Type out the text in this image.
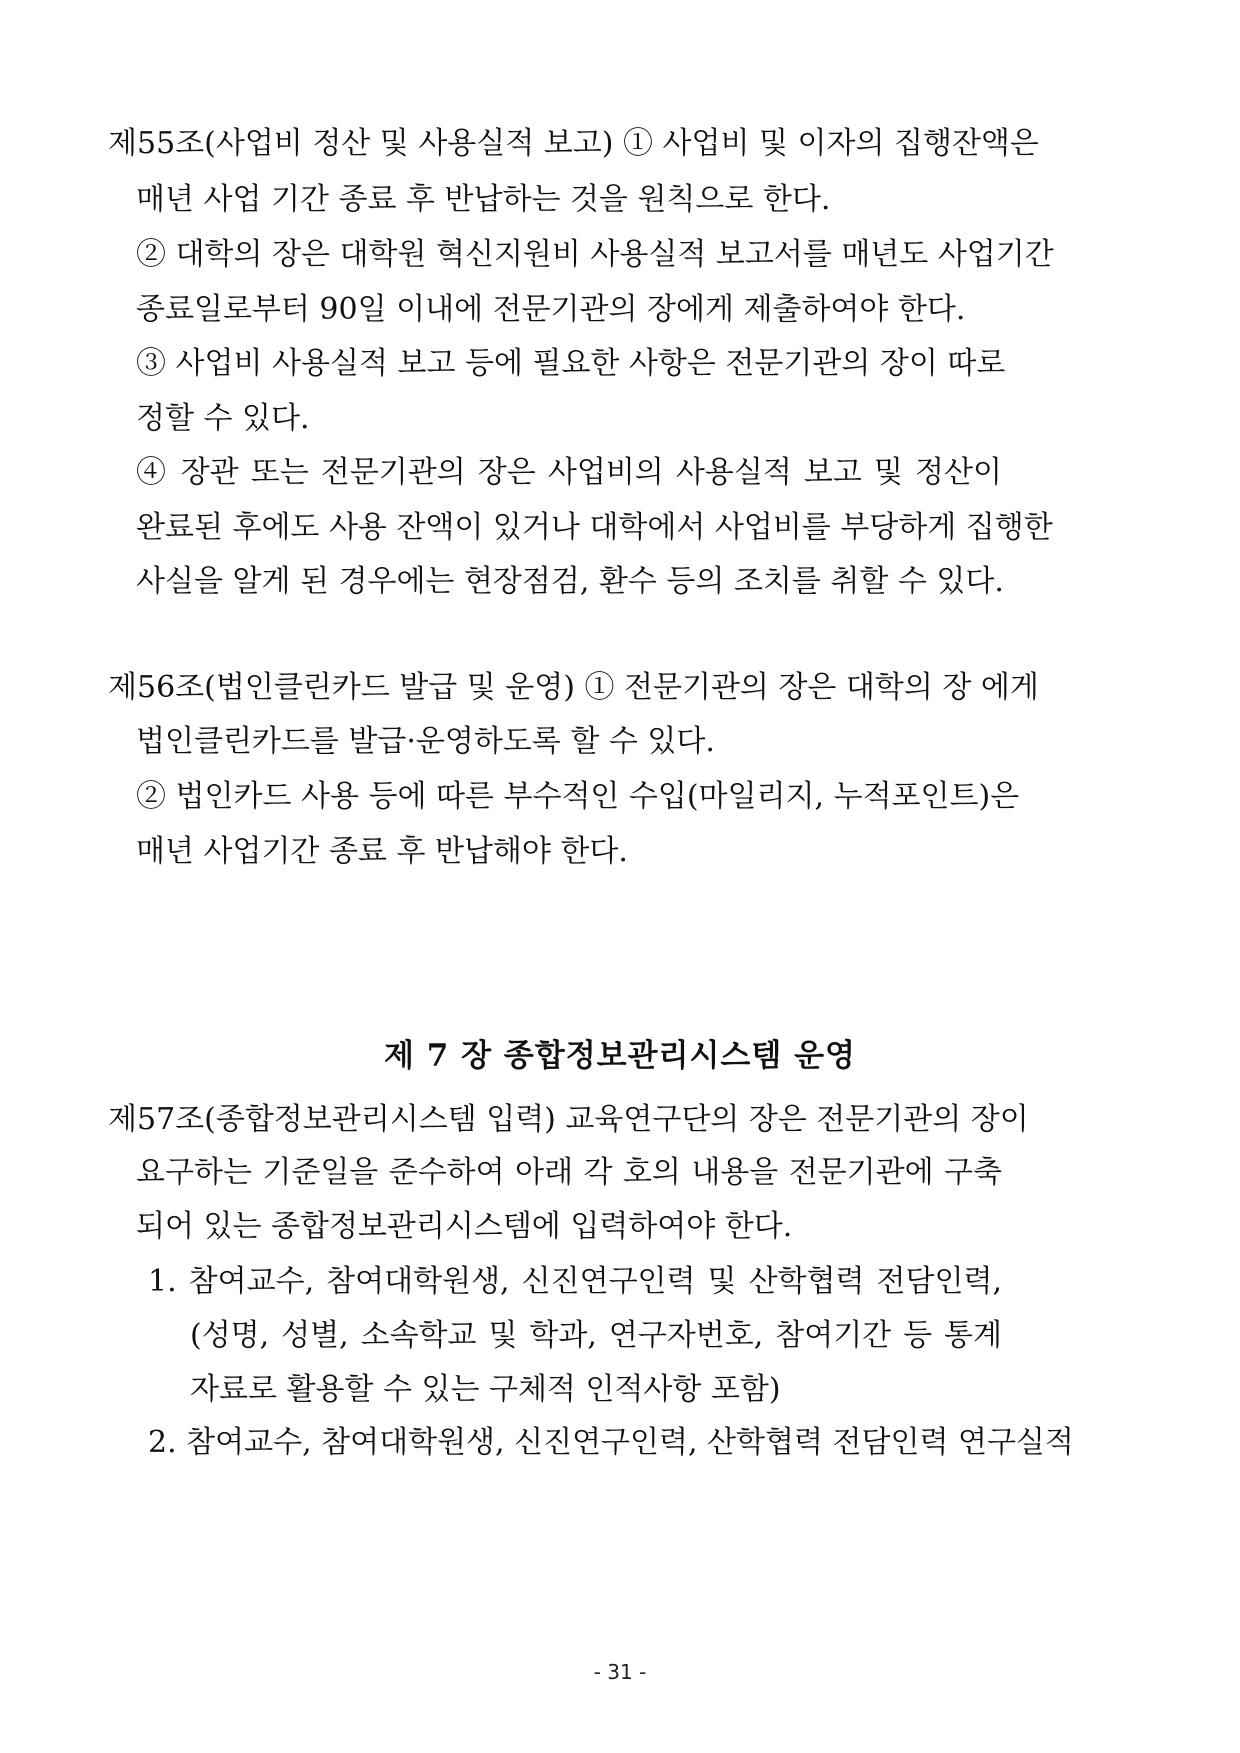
제55조(사업비 정산 및 사용실적 보고) ① 사업비 및 이자의 집행잔액은
매년 사업 기간 종료 후 반납하는 것을 원칙으로 한다.
② 대학의 장은 대학원 혁신지원비 사용실적 보고서를 매년도 사업기간
종료일로부터 90일 이내에 전문기관의 장에게 제출하여야 한다.
③ 사업비 사용실적 보고 등에 필요한 사항은 전문기관의 장이 따로
정할 수 있다.
④ 장관 또는 전문기관의 장은 사업비의 사용실적 보고 및 정산이
완료된 후에도 사용 잔액이 있거나 대학에서 사업비를 부당하게 집행한
사실을 알게 된 경우에는 현장점검, 환수 등의 조치를 취할 수 있다.
제56조(법인클린카드 발급 및 운영) ① 전문기관의 장은 대학의 장 에게
법인클린카드를 발급·운영하도록 할 수 있다.
② 법인카드 사용 등에 따른 부수적인 수입(마일리지, 누적포인트)은
매년 사업기간 종료 후 반납해야 한다.
제 7 장 종합정보관리시스템 운영
제57조(종합정보관리시스템 입력) 교육연구단의 장은 전문기관의 장이
요구하는 기준일을 준수하여 아래 각 호의 내용을 전문기관에 구축
되어 있는 종합정보관리시스템에 입력하여야 한다.
1. 참여교수, 참여대학원생, 신진연구인력 및 산학협력 전담인력,
(성명, 성별, 소속학교 및 학과, 연구자번호, 참여기간 등 통계
자료로 활용할 수 있는 구체적 인적사항 포함)
2. 참여교수, 참여대학원생, 신진연구인력, 산학협력 전담인력 연구실적
- 31 -
